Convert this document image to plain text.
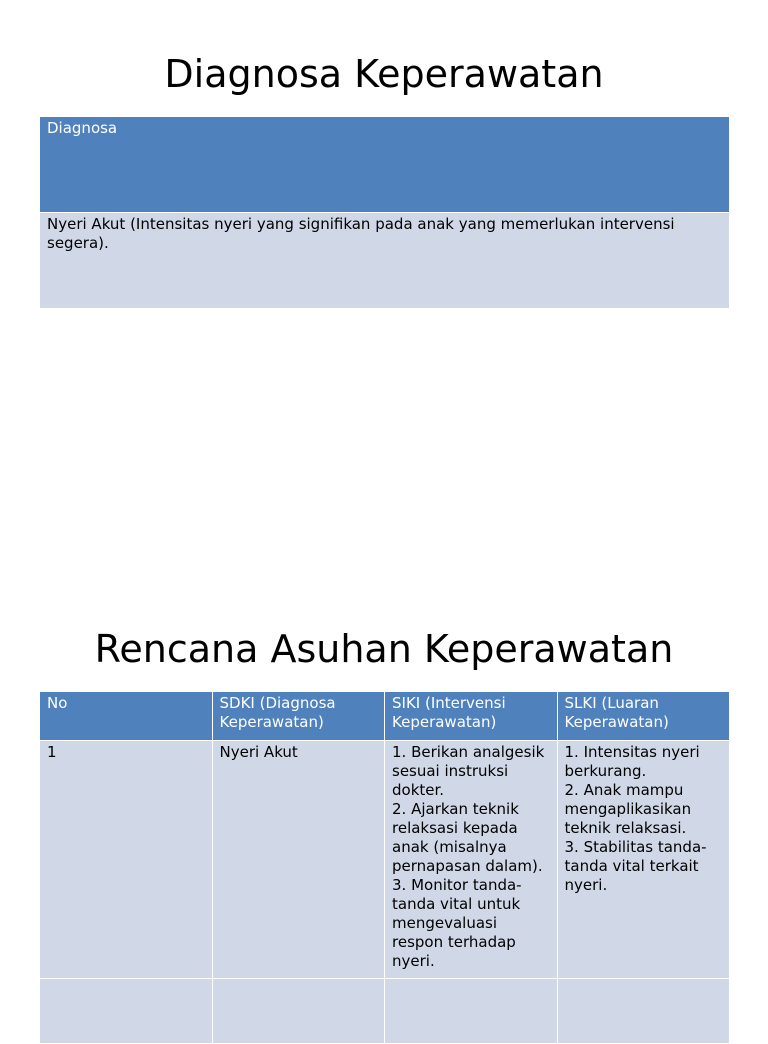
Diagnosa Keperawatan
Diagnosa
Nyeri Akut (Intensitas nyeri yang signifikan pada anak yang memerlukan intervensi segera).
Rencana Asuhan Keperawatan
No	SDKI (Diagnosa Keperawatan)	SIKI (Intervensi Keperawatan)	SLKI (Luaran Keperawatan)
1	Nyeri Akut	1. Berikan analgesik sesuai instruksi dokter.
2. Ajarkan teknik relaksasi kepada anak (misalnya pernapasan dalam).
3. Monitor tanda-tanda vital untuk mengevaluasi respon terhadap nyeri.	1. Intensitas nyeri berkurang.
2. Anak mampu mengaplikasikan teknik relaksasi.
3. Stabilitas tanda-tanda vital terkait nyeri.
